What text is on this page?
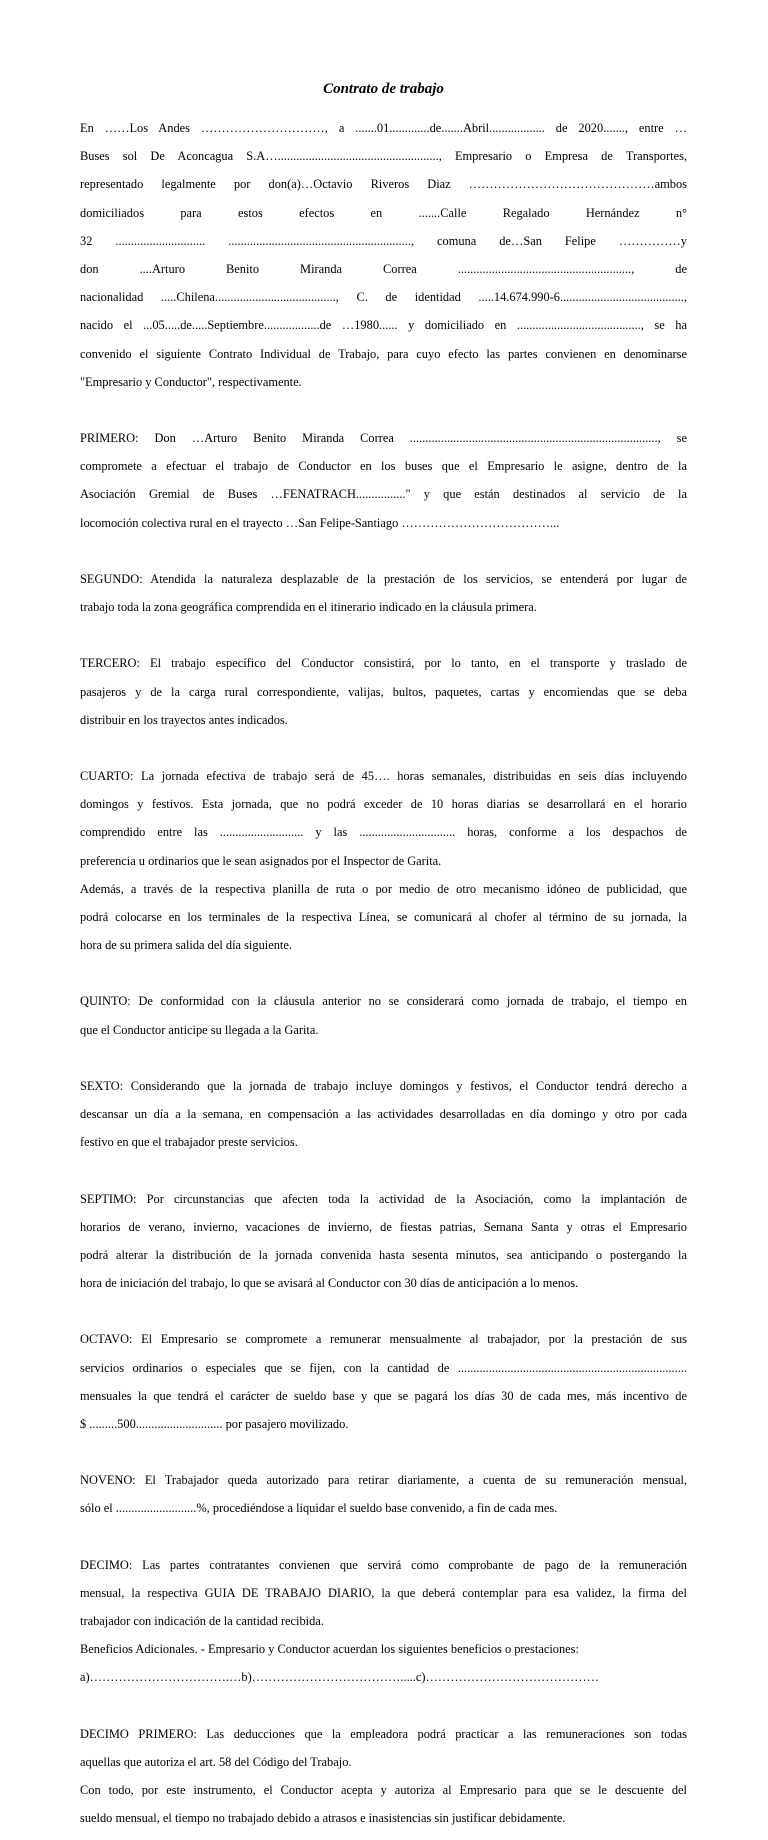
Contrato de trabajo

En ……Los Andes …………………………, a .......01.............de.......Abril.................. de 2020......., entre …

Buses sol De Aconcagua S.A…...................................................., Empresario o Empresa de Transportes,

representado legalmente por don(a)…Octavio Riveros Diaz ………………………………………ambos

domiciliados para estos efectos en .......Calle Regalado Hernández n°

32 ............................. ..........................................................., comuna de…San Felipe ……………y

don ....Arturo Benito Miranda Correa ........................................................, de

nacionalidad .....Chilena......................................., C. de identidad .....14.674.990-6........................................,

nacido el ...05.....de.....Septiembre..................de …1980...... y domiciliado en ........................................, se ha

convenido el siguiente Contrato Individual de Trabajo, para cuyo efecto las partes convienen en denominarse

"Empresario y Conductor", respectivamente.

PRIMERO: Don …Arturo Benito Miranda Correa ................................................................................, se

compromete a efectuar el trabajo de Conductor en los buses que el Empresario le asigne, dentro de la

Asociación Gremial de Buses …FENATRACH................" y que están destinados al servicio de la

locomoción colectiva rural en el trayecto …San Felipe-Santiago ………………………………...

SEGUNDO: Atendida la naturaleza desplazable de la prestación de los servicios, se entenderá por lugar de

trabajo toda la zona geográfica comprendida en el itinerario indicado en la cláusula primera.

TERCERO: El trabajo específico del Conductor consistirá, por lo tanto, en el transporte y traslado de

pasajeros y de la carga rural correspondiente, valijas, bultos, paquetes, cartas y encomiendas que se deba

distribuir en los trayectos antes indicados.

CUARTO: La jornada efectiva de trabajo será de 45…. horas semanales, distribuidas en seis días incluyendo

domingos y festivos. Esta jornada, que no podrá exceder de 10 horas diarias se desarrollará en el horario

comprendido entre las ........................... y las ............................... horas, conforme a los despachos de

preferencia u ordinarios que le sean asignados por el Inspector de Garita.

Además, a través de la respectiva planilla de ruta o por medio de otro mecanismo idóneo de publicidad, que

podrá colocarse en los terminales de la respectiva Línea, se comunicará al chofer al término de su jornada, la

hora de su primera salida del día siguiente.

QUINTO: De conformidad con la cláusula anterior no se considerará como jornada de trabajo, el tiempo en

que el Conductor anticipe su llegada a la Garita.

SEXTO: Considerando que la jornada de trabajo incluye domingos y festivos, el Conductor tendrá derecho a

descansar un día a la semana, en compensación a las actividades desarrolladas en día domingo y otro por cada

festivo en que el trabajador preste servicios.

SEPTIMO: Por circunstancias que afecten toda la actividad de la Asociación, como la implantación de

horarios de verano, invierno, vacaciones de invierno, de fiestas patrias, Semana Santa y otras el Empresario

podrá alterar la distribución de la jornada convenida hasta sesenta minutos, sea anticipando o postergando la

hora de iniciación del trabajo, lo que se avisará al Conductor con 30 días de anticipación a lo menos.

OCTAVO: El Empresario se compromete a remunerar mensualmente al trabajador, por la prestación de sus

servicios ordinarios o especiales que se fijen, con la cantidad de ..........................................................................

mensuales la que tendrá el carácter de sueldo base y que se pagará los días 30 de cada mes, más incentivo de

$ .........500............................ por pasajero movilizado.

NOVENO: El Trabajador queda autorizado para retirar diariamente, a cuenta de su remuneración mensual,

sólo el ..........................%, procediéndose a liquidar el sueldo base convenido, a fin de cada mes.

DECIMO: Las partes contratantes convienen que servirá como comprobante de pago de la remuneración

mensual, la respectiva GUIA DE TRABAJO DIARIO, la que deberá contemplar para esa validez, la firma del

trabajador con indicación de la cantidad recibida.

Beneficios Adicionales. - Empresario y Conductor acuerdan los siguientes beneficios o prestaciones:

a)…………………………….…b)……………………………….....c)……………………………………

DECIMO PRIMERO: Las deducciones que la empleadora podrá practicar a las remuneraciones son todas

aquellas que autoriza el art. 58 del Código del Trabajo.

Con todo, por este instrumento, el Conductor acepta y autoriza al Empresario para que se le descuente del

sueldo mensual, el tiempo no trabajado debido a atrasos e inasistencias sin justificar debidamente.
